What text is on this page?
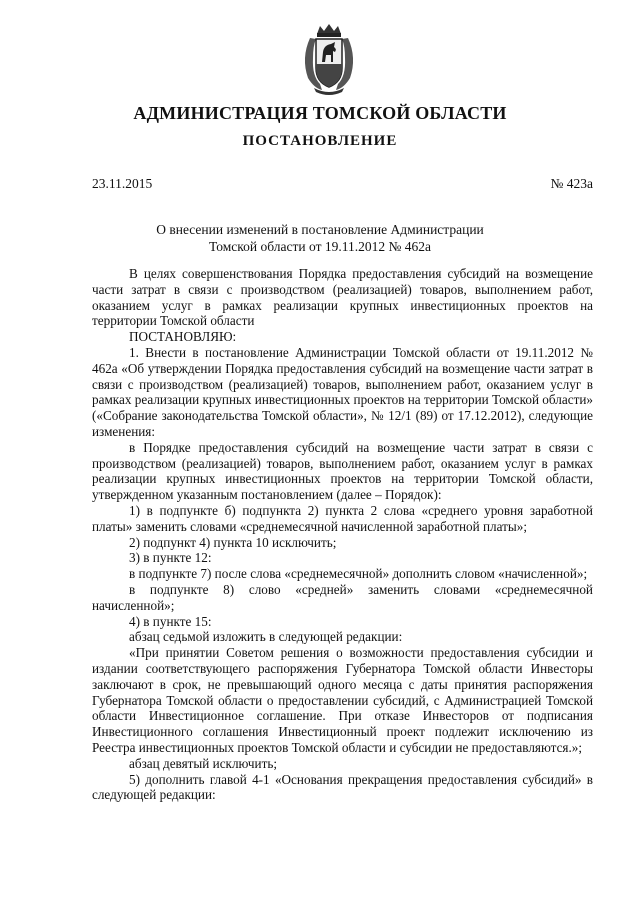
АДМИНИСТРАЦИЯ ТОМСКОЙ ОБЛАСТИ
ПОСТАНОВЛЕНИЕ
23.11.2015	№ 423а
О внесении изменений в постановление Администрации
Томской области от 19.11.2012 № 462а

В целях совершенствования Порядка предоставления субсидий на возмещение части затрат в связи с производством (реализацией) товаров, выполнением работ, оказанием услуг в рамках реализации крупных инвестиционных проектов на территории Томской области

ПОСТАНОВЛЯЮ:

1. Внести в постановление Администрации Томской области от 19.11.2012 № 462а «Об утверждении Порядка предоставления субсидий на возмещение части затрат в связи с производством (реализацией) товаров, выполнением работ, оказанием услуг в рамках реализации крупных инвестиционных проектов на территории Томской области» («Собрание законодательства Томской области», № 12/1 (89) от 17.12.2012), следующие изменения:

в Порядке предоставления субсидий на возмещение части затрат в связи с производством (реализацией) товаров, выполнением работ, оказанием услуг в рамках реализации крупных инвестиционных проектов на территории Томской области, утвержденном указанным постановлением (далее – Порядок):

1) в подпункте б) подпункта 2) пункта 2 слова «среднего уровня заработной платы» заменить словами «среднемесячной начисленной заработной платы»;

2) подпункт 4) пункта 10 исключить;

3) в пункте 12:

в подпункте 7) после слова «среднемесячной» дополнить словом «начисленной»;

в подпункте 8) слово «средней» заменить словами «среднемесячной начисленной»;

4) в пункте 15:

абзац седьмой изложить в следующей редакции:

«При принятии Советом решения о возможности предоставления субсидии и издании соответствующего распоряжения Губернатора Томской области Инвесторы заключают в срок, не превышающий одного месяца с даты принятия распоряжения Губернатора Томской области о предоставлении субсидий, с Администрацией Томской области Инвестиционное соглашение. При отказе Инвесторов от подписания Инвестиционного соглашения Инвестиционный проект подлежит исключению из Реестра инвестиционных проектов Томской области и субсидии не предоставляются.»;

абзац девятый исключить;

5) дополнить главой 4-1 «Основания прекращения предоставления субсидий» в следующей редакции:
